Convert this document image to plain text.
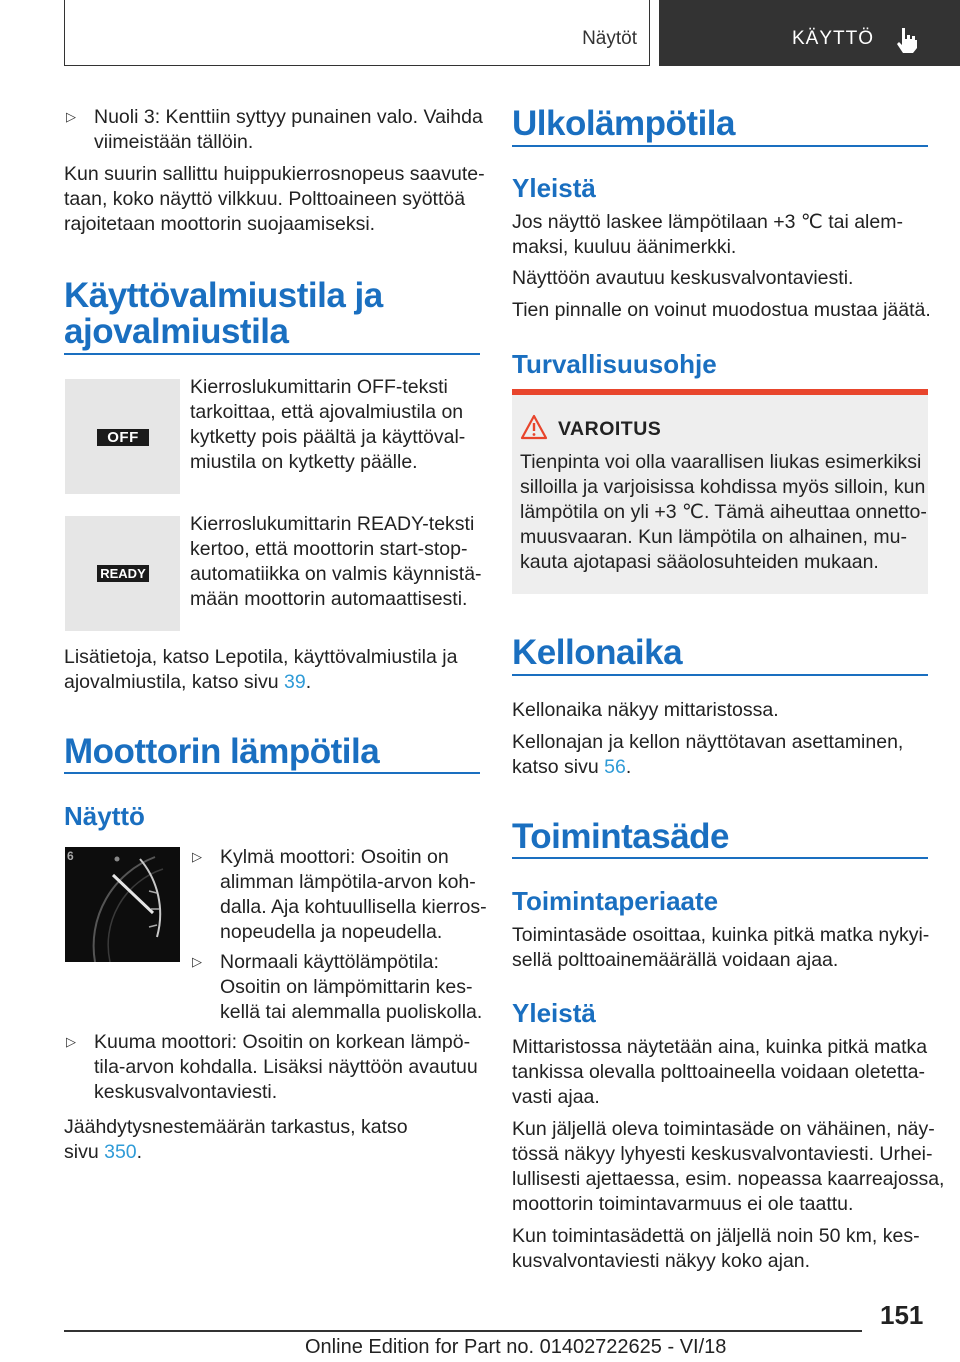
Näytöt	KÄYTTÖ
▷ Nuoli 3: Kenttiin syttyy punainen valo. Vaihda
viimeistään tällöin.
Kun suurin sallittu huippukierrosnopeus saavute-
taan, koko näyttö vilkkuu. Polttoaineen syöttöä
rajoitetaan moottorin suojaamiseksi.
Käyttövalmiustila ja
ajovalmiustila
OFF
Kierroslukumittarin OFF-teksti
tarkoittaa, että ajovalmiustila on
kytketty pois päältä ja käyttöval-
miustila on kytketty päälle.
READY
Kierroslukumittarin READY-teksti
kertoo, että moottorin start-stop-
automatiikka on valmis käynnistä-
mään moottorin automaattisesti.
Lisätietoja, katso Lepotila, käyttövalmiustila ja
ajovalmiustila, katso sivu 39.
Moottorin lämpötila
Näyttö
6	▷ Kylmä moottori: Osoitin on
alimman lämpötila-arvon koh-
dalla. Aja kohtuullisella kierros-
nopeudella ja nopeudella.
▷ Normaali käyttölämpötila:
Osoitin on lämpömittarin kes-
kellä tai alemmalla puoliskolla.
▷ Kuuma moottori: Osoitin on korkean lämpö-
tila-arvon kohdalla. Lisäksi näyttöön avautuu
keskusvalvontaviesti.
Jäähdytysnestemäärän tarkastus, katso
sivu 350.
Ulkolämpötila
Yleistä
Jos näyttö laskee lämpötilaan +3 ℃ tai alem-
maksi, kuuluu äänimerkki.
Näyttöön avautuu keskusvalvontaviesti.
Tien pinnalle on voinut muodostua mustaa jäätä.
Turvallisuusohje
VAROITUS
Tienpinta voi olla vaarallisen liukas esimerkiksi
silloilla ja varjoisissa kohdissa myös silloin, kun
lämpötila on yli +3 ℃. Tämä aiheuttaa onnetto-
muusvaaran. Kun lämpötila on alhainen, mu-
kauta ajotapasi sääolosuhteiden mukaan.
Kellonaika
Kellonaika näkyy mittaristossa.
Kellonajan ja kellon näyttötavan asettaminen,
katso sivu 56.
Toimintasäde
Toimintaperiaate
Toimintasäde osoittaa, kuinka pitkä matka nykyi-
sellä polttoainemäärällä voidaan ajaa.
Yleistä
Mittaristossa näytetään aina, kuinka pitkä matka
tankissa olevalla polttoaineella voidaan oletetta-
vasti ajaa.
Kun jäljellä oleva toimintasäde on vähäinen, näy-
tössä näkyy lyhyesti keskusvalvontaviesti. Urhei-
lullisesti ajettaessa, esim. nopeassa kaarreajossa,
moottorin toimintavarmuus ei ole taattu.
Kun toimintasädettä on jäljellä noin 50 km, kes-
kusvalvontaviesti näkyy koko ajan.
151
Online Edition for Part no. 01402722625 - VI/18
